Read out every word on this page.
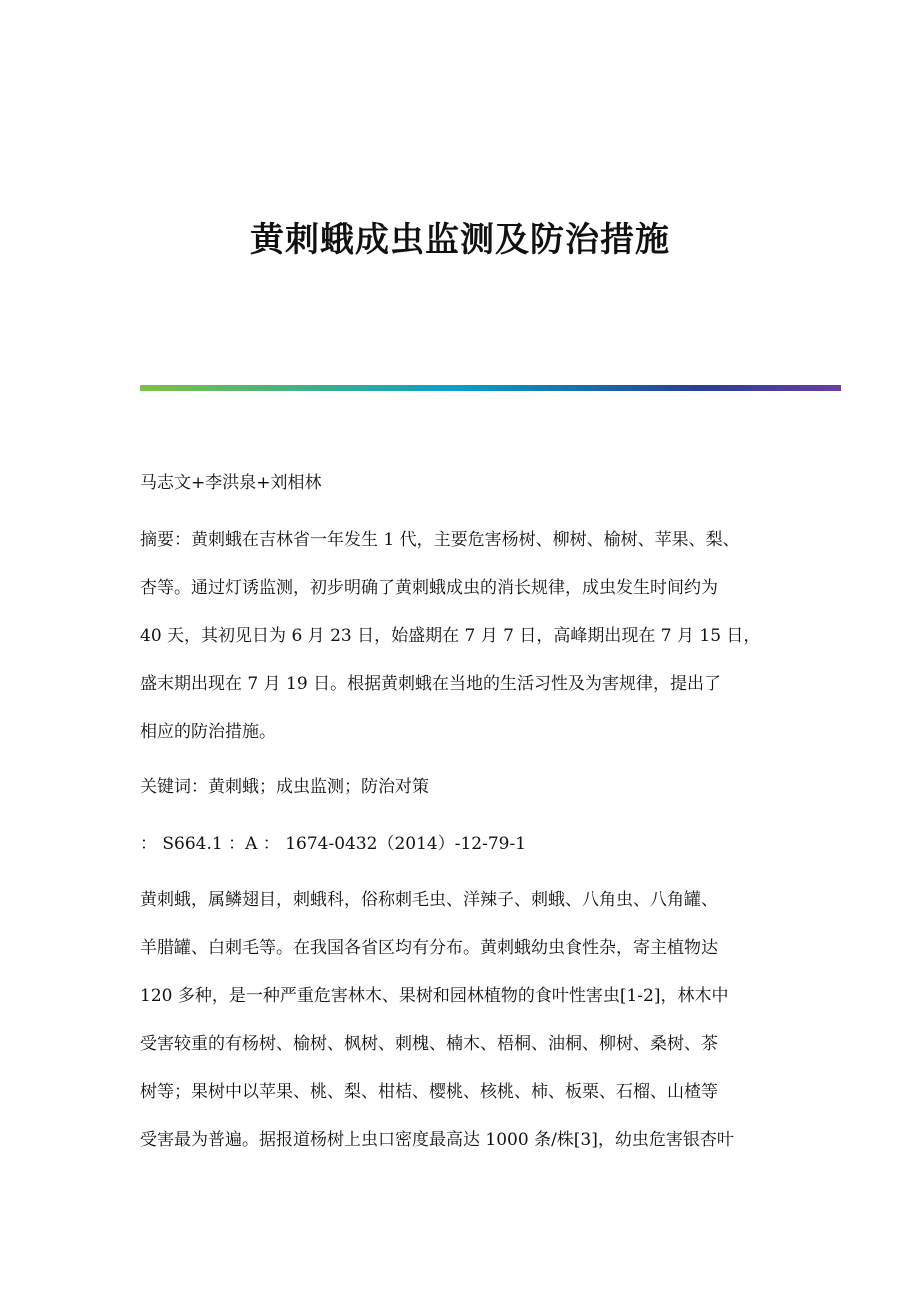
黄刺蛾成虫监测及防治措施

马志文+李洪泉+刘相林

摘要：黄刺蛾在吉林省一年发生 1 代，主要危害杨树、柳树、榆树、苹果、梨、

杏等。通过灯诱监测，初步明确了黄刺蛾成虫的消长规律，成虫发生时间约为

40 天，其初见日为 6 月 23 日，始盛期在 7 月 7 日，高峰期出现在 7 月 15 日，

盛末期出现在 7 月 19 日。根据黄刺蛾在当地的生活习性及为害规律，提出了

相应的防治措施。

关键词：黄刺蛾；成虫监测；防治对策

： S664.1 ：A ： 1674-0432（2014）-12-79-1

黄刺蛾，属鳞翅目，刺蛾科，俗称刺毛虫、洋辣子、刺蛾、八角虫、八角罐、

羊腊罐、白刺毛等。在我国各省区均有分布。黄刺蛾幼虫食性杂，寄主植物达

120 多种，是一种严重危害林木、果树和园林植物的食叶性害虫[1-2]，林木中

受害较重的有杨树、榆树、枫树、刺槐、楠木、梧桐、油桐、柳树、桑树、茶

树等；果树中以苹果、桃、梨、柑桔、樱桃、核桃、柿、板栗、石榴、山楂等

受害最为普遍。据报道杨树上虫口密度最高达 1000 条/株[3]，幼虫危害银杏叶
